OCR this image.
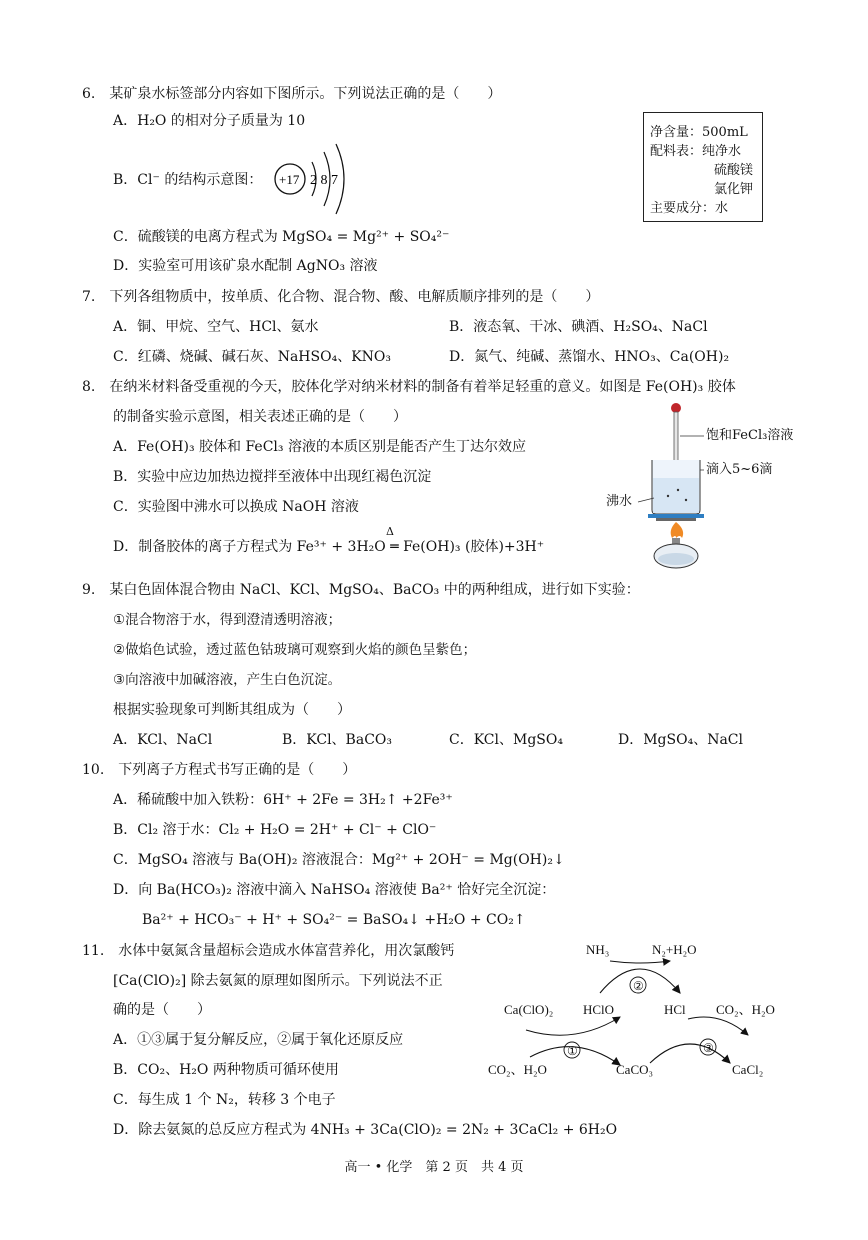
6.　某矿泉水标签部分内容如下图所示。下列说法正确的是（　　）
A．H₂O 的相对分子质量为 10
B．Cl⁻ 的结构示意图： +17 2 8 7
C．硫酸镁的电离方程式为 MgSO₄ = Mg²⁺ + SO₄²⁻
D．实验室可用该矿泉水配制 AgNO₃ 溶液
净含量：500mL
配料表：纯净水
硫酸镁
氯化钾
主要成分：水
7.　下列各组物质中，按单质、化合物、混合物、酸、电解质顺序排列的是（　　）
A．铜、甲烷、空气、HCl、氨水	B．液态氧、干冰、碘酒、H₂SO₄、NaCl
C．红磷、烧碱、碱石灰、NaHSO₄、KNO₃	D．氮气、纯碱、蒸馏水、HNO₃、Ca(OH)₂
8.　在纳米材料备受重视的今天，胶体化学对纳米材料的制备有着举足轻重的意义。如图是 Fe(OH)₃ 胶体
的制备实验示意图，相关表述正确的是（　　）
A．Fe(OH)₃ 胶体和 FeCl₃ 溶液的本质区别是能否产生丁达尔效应
B．实验中应边加热边搅拌至液体中出现红褐色沉淀
C．实验图中沸水可以换成 NaOH 溶液
D．制备胶体的离子方程式为 Fe³⁺ + 3H₂O ═ Fe(OH)₃ (胶体)+3H⁺
Δ
饱和FeCl₃溶液
滴入5~6滴
沸水
9.　某白色固体混合物由 NaCl、KCl、MgSO₄、BaCO₃ 中的两种组成，进行如下实验：
①混合物溶于水，得到澄清透明溶液；
②做焰色试验，透过蓝色钴玻璃可观察到火焰的颜色呈紫色；
③向溶液中加碱溶液，产生白色沉淀。
根据实验现象可判断其组成为（　　）
A．KCl、NaCl	B．KCl、BaCO₃	C．KCl、MgSO₄	D．MgSO₄、NaCl
10.　下列离子方程式书写正确的是（　　）
A．稀硫酸中加入铁粉：6H⁺ + 2Fe = 3H₂↑ +2Fe³⁺
B．Cl₂ 溶于水：Cl₂ + H₂O = 2H⁺ + Cl⁻ + ClO⁻
C．MgSO₄ 溶液与 Ba(OH)₂ 溶液混合：Mg²⁺ + 2OH⁻ = Mg(OH)₂↓
D．向 Ba(HCO₃)₂ 溶液中滴入 NaHSO₄ 溶液使 Ba²⁺ 恰好完全沉淀：
Ba²⁺ + HCO₃⁻ + H⁺ + SO₄²⁻ = BaSO₄↓ +H₂O + CO₂↑
11.　水体中氨氮含量超标会造成水体富营养化，用次氯酸钙
[Ca(ClO)₂] 除去氨氮的原理如图所示。下列说法不正
确的是（　　）
A．①③属于复分解反应，②属于氧化还原反应
B．CO₂、H₂O 两种物质可循环使用
C．每生成 1 个 N₂，转移 3 个电子
D．除去氨氮的总反应方程式为 4NH₃ + 3Ca(ClO)₂ = 2N₂ + 3CaCl₂ + 6H₂O
NH₃	N₂+H₂O
Ca(ClO)₂ HClO	HCl CO₂、H₂O
CO₂、H₂O	CaCO₃	CaCl₂
②
①	③
高一 • 化学　第 2 页　共 4 页
